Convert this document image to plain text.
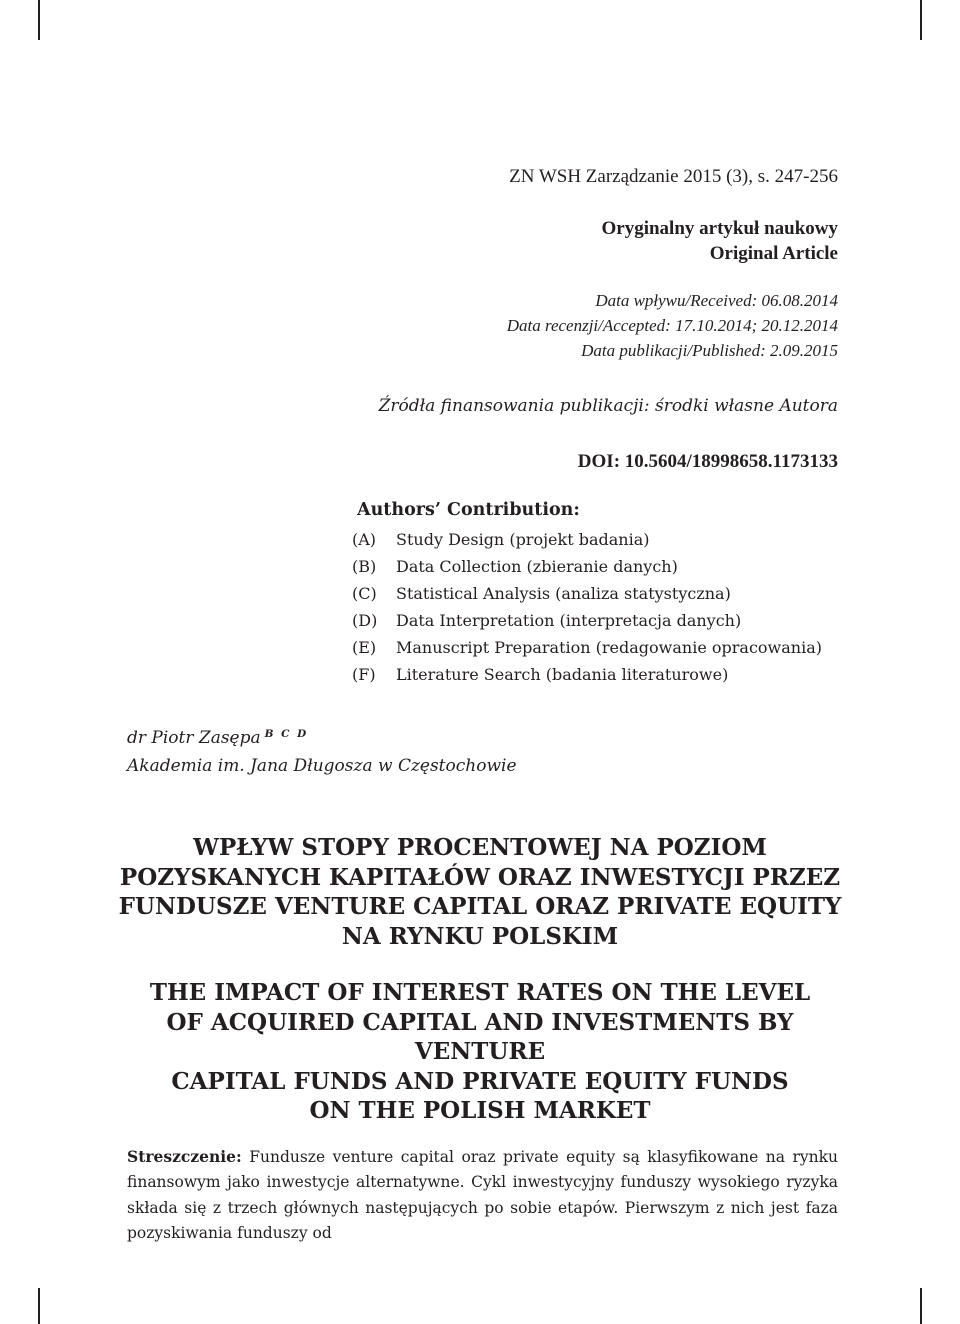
ZN WSH Zarządzanie 2015 (3), s. 247-256
Oryginalny artykuł naukowy
Original Article
Data wpływu/Received: 06.08.2014
Data recenzji/Accepted: 17.10.2014; 20.12.2014
Data publikacji/Published: 2.09.2015
Źródła finansowania publikacji: środki własne Autora
DOI: 10.5604/18998658.1173133
Authors’ Contribution:
(A)	Study Design (projekt badania)
(B)	Data Collection (zbieranie danych)
(C)	Statistical Analysis (analiza statystyczna)
(D)	Data Interpretation (interpretacja danych)
(E)	Manuscript Preparation (redagowanie opracowania)
(F)	Literature Search (badania literaturowe)
dr Piotr Zasępa $^{B C D}$
Akademia im. Jana Długosza w Częstochowie
WPŁYW STOPY PROCENTOWEJ NA POZIOM
POZYSKANYCH KAPITAŁÓW ORAZ INWESTYCJI PRZEZ
FUNDUSZE VENTURE CAPITAL ORAZ PRIVATE EQUITY
NA RYNKU POLSKIM
THE IMPACT OF INTEREST RATES ON THE LEVEL
OF ACQUIRED CAPITAL AND INVESTMENTS BY VENTURE
CAPITAL FUNDS AND PRIVATE EQUITY FUNDS
ON THE POLISH MARKET
Streszczenie: Fundusze venture capital oraz private equity są klasyfikowane na rynku finansowym jako inwestycje alternatywne. Cykl inwestycyjny funduszy wysokiego ryzyka składa się z trzech głównych następujących po sobie etapów. Pierwszym z nich jest faza pozyskiwania funduszy od
